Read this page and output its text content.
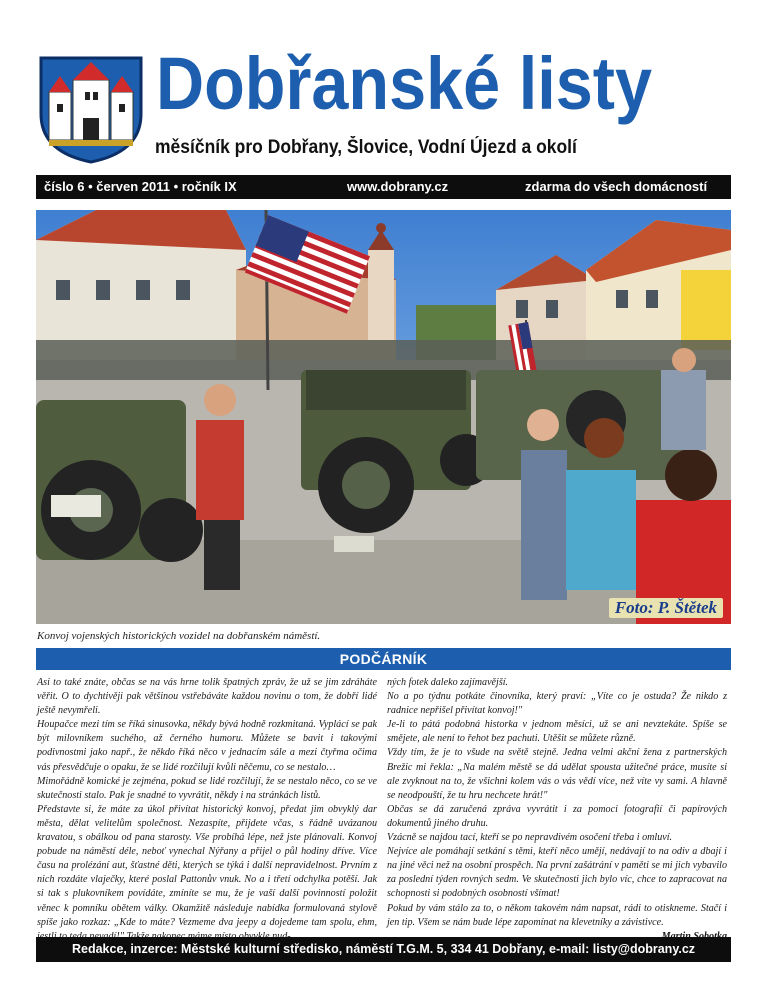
Dobřanské listy
měsíčník pro Dobřany, Šlovice, Vodní Újezd a okolí
číslo 6 • červen 2011 • ročník IX	www.dobrany.cz	zdarma do všech domácností
Foto: P. Štětek
Konvoj vojenských historických vozidel na dobřanském náměstí.
PODČÁRNÍK

Asi to také znáte, občas se na vás hrne tolik špatných zpráv, že už se jim zdráháte věřit. O to dychtivěji pak většinou vstřebáváte každou novinu o tom, že dobří lidé ještě nevymřeli.

Houpačce mezi tím se říká sinusovka, někdy bývá hodně rozkmitaná. Vyplácí se pak být milovníkem suchého, až černého humoru. Můžete se bavit i takovými podivnostmi jako např., že někdo říká něco v jednacím sále a mezi čtyřma očima vás přesvědčuje o opaku, že se lidé rozčilují kvůli něčemu, co se nestalo…

Mimořádně komické je zejména, pokud se lidé rozčilují, že se nestalo něco, co se ve skutečnosti stalo. Pak je snadné to vyvrátit, někdy i na stránkách listů.

Představte si, že máte za úkol přivítat historický konvoj, předat jim obvyklý dar města, dělat velitelům společnost. Nezaspíte, přijdete včas, s řádně uvázanou kravatou, s obálkou od pana starosty. Vše probíhá lépe, než jste plánovali. Konvoj pobude na náměstí déle, neboť vynechal Nýřany a přijel o půl hodiny dříve. Více času na prolézání aut, šťastné děti, kterých se týká i další nepravidelnost. Prvním z nich rozdáte vlaječky, které poslal Pattonův vnuk. No a i třetí odchylka potěší. Jak si tak s plukovníkem povídáte, zmíníte se mu, že je vaší další povinností položit věnec k pomníku obětem války. Okamžitě následuje nabídka formulovaná stylově spíše jako rozkaz: „Kde to máte? Vezmeme dva jeepy a dojedeme tam spolu, ehm,

ných fotek daleko zajímavější.

No a po týdnu potkáte činovníka, který praví: „Víte co je ostuda? Že nikdo z radnice nepřišel přivítat konvoj!"

Je-li to pátá podobná historka v jednom měsíci, už se ani nevztekáte. Spíše se smějete, ale není to řehot bez pachuti. Utěšit se můžete různě.

Vždy tím, že je to všude na světě stejně. Jedna velmi akční žena z partnerských Brežic mi řekla: „Na malém městě se dá udělat spousta užitečné práce, musíte si ale zvyknout na to, že všichni kolem vás o vás vědí více, než víte vy sami. A hlavně se neodpouští, že tu hru nechcete hrát!"

Občas se dá zaručená zpráva vyvrátit i za pomoci fotografií či papírových dokumentů jiného druhu.

Vzácně se najdou tací, kteří se po nepravdivém osočení třeba i omluví.

Nejvíce ale pomáhají setkání s těmi, kteří něco umějí, nedávají to na odiv a dbají i na jiné věci než na osobní prospěch. Na první zašátrání v paměti se mi jich vybavilo za poslední týden rovných sedm. Ve skutečnosti jich bylo víc, chce to zapracovat na schopnosti si podobných osobností všímat!

Pokud by vám stálo za to, o někom takovém nám napsat, rádi to otiskneme. Stačí i jen tip. Všem se nám bude lépe zapomínat na klevetníky a závistivce.

Redakce, inzerce: Městské kulturní středisko, náměstí T.G.M. 5, 334 41 Dobřany, e-mail: listy@dobrany.cz
